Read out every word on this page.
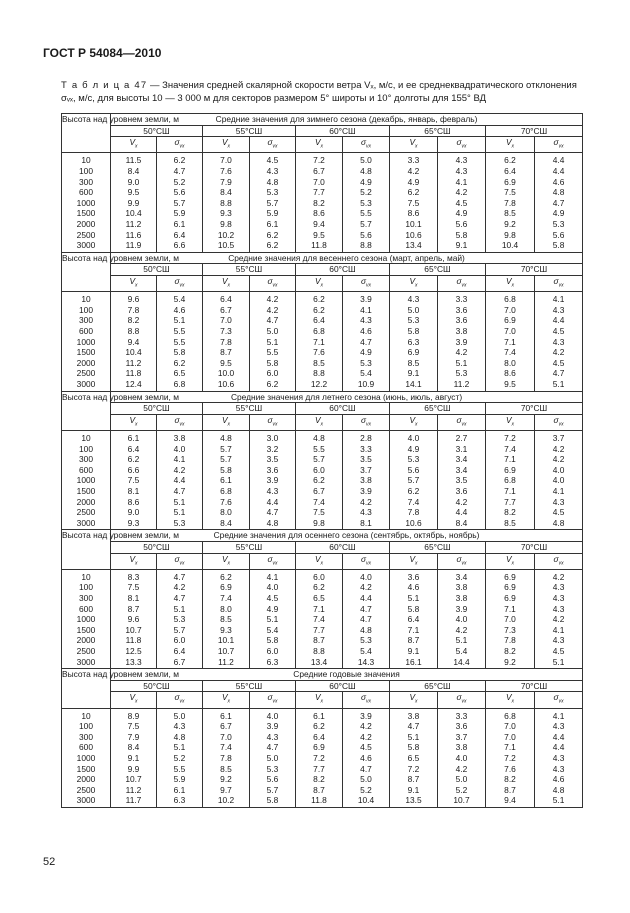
ГОСТ Р 54084—2010
Т а б л и ц а 47 — Значения средней скалярной скорости ветра Vₓ, м/с, и ее среднеквадратического отклонения σᵥₓ, м/с, для высоты 10 — 3 000 м для секторов размером 5° широты и 10° долготы для 155° ВД
Высота над уровнем земли, м	Средние значения для зимнего сезона (декабрь, январь, февраль)									
	50°СШ		55°СШ		60°СШ		65°СШ		70°СШ	
	$V_x$	$\sigma_{vx}$	$V_x$	$\sigma_{vx}$	$V_x$	$\sigma_{vx}$	$V_x$	$\sigma_{vx}$	$V_x$	$\sigma_{vx}$
10	11.5	6.2	7.0	4.5	7.2	5.0	3.3	4.3	6.2	4.4
100	8.4	4.7	7.6	4.3	6.7	4.8	4.2	4.3	6.4	4.4
300	9.0	5.2	7.9	4.8	7.0	4.9	4.9	4.1	6.9	4.6
600	9.5	5.6	8.4	5.3	7.7	5.2	6.2	4.2	7.5	4.8
1000	9.9	5.7	8.8	5.7	8.2	5.3	7.5	4.5	7.8	4.7
1500	10.4	5.9	9.3	5.9	8.6	5.5	8.6	4.9	8.5	4.9
2000	11.2	6.1	9.8	6.1	9.4	5.7	10.1	5.6	9.2	5.3
2500	11.6	6.4	10.2	6.2	9.5	5.6	10.6	5.8	9.8	5.6
3000	11.9	6.6	10.5	6.2	11.8	8.8	13.4	9.1	10.4	5.8
Высота над уровнем земли, м	Средние значения для весеннего сезона (март, апрель, май)									
	50°СШ		55°СШ		60°СШ		65°СШ		70°СШ	
	$V_x$	$\sigma_{vx}$	$V_x$	$\sigma_{vx}$	$V_x$	$\sigma_{vx}$	$V_x$	$\sigma_{vx}$	$V_x$	$\sigma_{vx}$
10	9.6	5.4	6.4	4.2	6.2	3.9	4.3	3.3	6.8	4.1
100	7.8	4.6	6.7	4.2	6.2	4.1	5.0	3.6	7.0	4.3
300	8.2	5.1	7.0	4.7	6.4	4.3	5.3	3.6	6.9	4.4
600	8.8	5.5	7.3	5.0	6.8	4.6	5.8	3.8	7.0	4.5
1000	9.4	5.5	7.8	5.1	7.1	4.7	6.3	3.9	7.1	4.3
1500	10.4	5.8	8.7	5.5	7.6	4.9	6.9	4.2	7.4	4.2
2000	11.2	6.2	9.5	5.8	8.5	5.3	8.5	5.1	8.0	4.5
2500	11.8	6.5	10.0	6.0	8.8	5.4	9.1	5.3	8.6	4.7
3000	12.4	6.8	10.6	6.2	12.2	10.9	14.1	11.2	9.5	5.1
Высота над уровнем земли, м	Средние значения для летнего сезона (июнь, июль, август)									
	50°СШ		55°СШ		60°СШ		65°СШ		70°СШ	
	$V_x$	$\sigma_{vx}$	$V_x$	$\sigma_{vx}$	$V_x$	$\sigma_{vx}$	$V_x$	$\sigma_{vx}$	$V_x$	$\sigma_{vx}$
10	6.1	3.8	4.8	3.0	4.8	2.8	4.0	2.7	7.2	3.7
100	6.4	4.0	5.7	3.2	5.5	3.3	4.9	3.1	7.4	4.2
300	6.2	4.1	5.7	3.5	5.7	3.5	5.3	3.4	7.1	4.2
600	6.6	4.2	5.8	3.6	6.0	3.7	5.6	3.4	6.9	4.0
1000	7.5	4.4	6.1	3.9	6.2	3.8	5.7	3.5	6.8	4.0
1500	8.1	4.7	6.8	4.3	6.7	3.9	6.2	3.6	7.1	4.1
2000	8.6	5.1	7.6	4.4	7.4	4.2	7.4	4.2	7.7	4.3
2500	9.0	5.1	8.0	4.7	7.5	4.3	7.8	4.4	8.2	4.5
3000	9.3	5.3	8.4	4.8	9.8	8.1	10.6	8.4	8.5	4.8
Высота над уровнем земли, м	Средние значения для осеннего сезона (сентябрь, октябрь, ноябрь)									
	50°СШ		55°СШ		60°СШ		65°СШ		70°СШ	
	$V_x$	$\sigma_{vx}$	$V_x$	$\sigma_{vx}$	$V_x$	$\sigma_{vx}$	$V_x$	$\sigma_{vx}$	$V_x$	$\sigma_{vx}$
10	8.3	4.7	6.2	4.1	6.0	4.0	3.6	3.4	6.9	4.2
100	7.5	4.2	6.9	4.0	6.2	4.2	4.6	3.8	6.9	4.3
300	8.1	4.7	7.4	4.5	6.5	4.4	5.1	3.8	6.9	4.3
600	8.7	5.1	8.0	4.9	7.1	4.7	5.8	3.9	7.1	4.3
1000	9.6	5.3	8.5	5.1	7.4	4.7	6.4	4.0	7.0	4.2
1500	10.7	5.7	9.3	5.4	7.7	4.8	7.1	4.2	7.3	4.1
2000	11.8	6.0	10.1	5.8	8.7	5.3	8.7	5.1	7.8	4.3
2500	12.5	6.4	10.7	6.0	8.8	5.4	9.1	5.4	8.2	4.5
3000	13.3	6.7	11.2	6.3	13.4	14.3	16.1	14.4	9.2	5.1
Высота над уровнем земли, м	Средние годовые значения									
	50°СШ		55°СШ		60°СШ		65°СШ		70°СШ	
	$V_x$	$\sigma_{vx}$	$V_x$	$\sigma_{vx}$	$V_x$	$\sigma_{vx}$	$V_x$	$\sigma_{vx}$	$V_x$	$\sigma_{vx}$
10	8.9	5.0	6.1	4.0	6.1	3.9	3.8	3.3	6.8	4.1
100	7.5	4.3	6.7	3.9	6.2	4.2	4.7	3.6	7.0	4.3
300	7.9	4.8	7.0	4.3	6.4	4.2	5.1	3.7	7.0	4.4
600	8.4	5.1	7.4	4.7	6.9	4.5	5.8	3.8	7.1	4.4
1000	9.1	5.2	7.8	5.0	7.2	4.6	6.5	4.0	7.2	4.3
1500	9.9	5.5	8.5	5.3	7.7	4.7	7.2	4.2	7.6	4.3
2000	10.7	5.9	9.2	5.6	8.2	5.0	8.7	5.0	8.2	4.6
2500	11.2	6.1	9.7	5.7	8.7	5.2	9.1	5.2	8.7	4.8
3000	11.7	6.3	10.2	5.8	11.8	10.4	13.5	10.7	9.4	5.1
52
